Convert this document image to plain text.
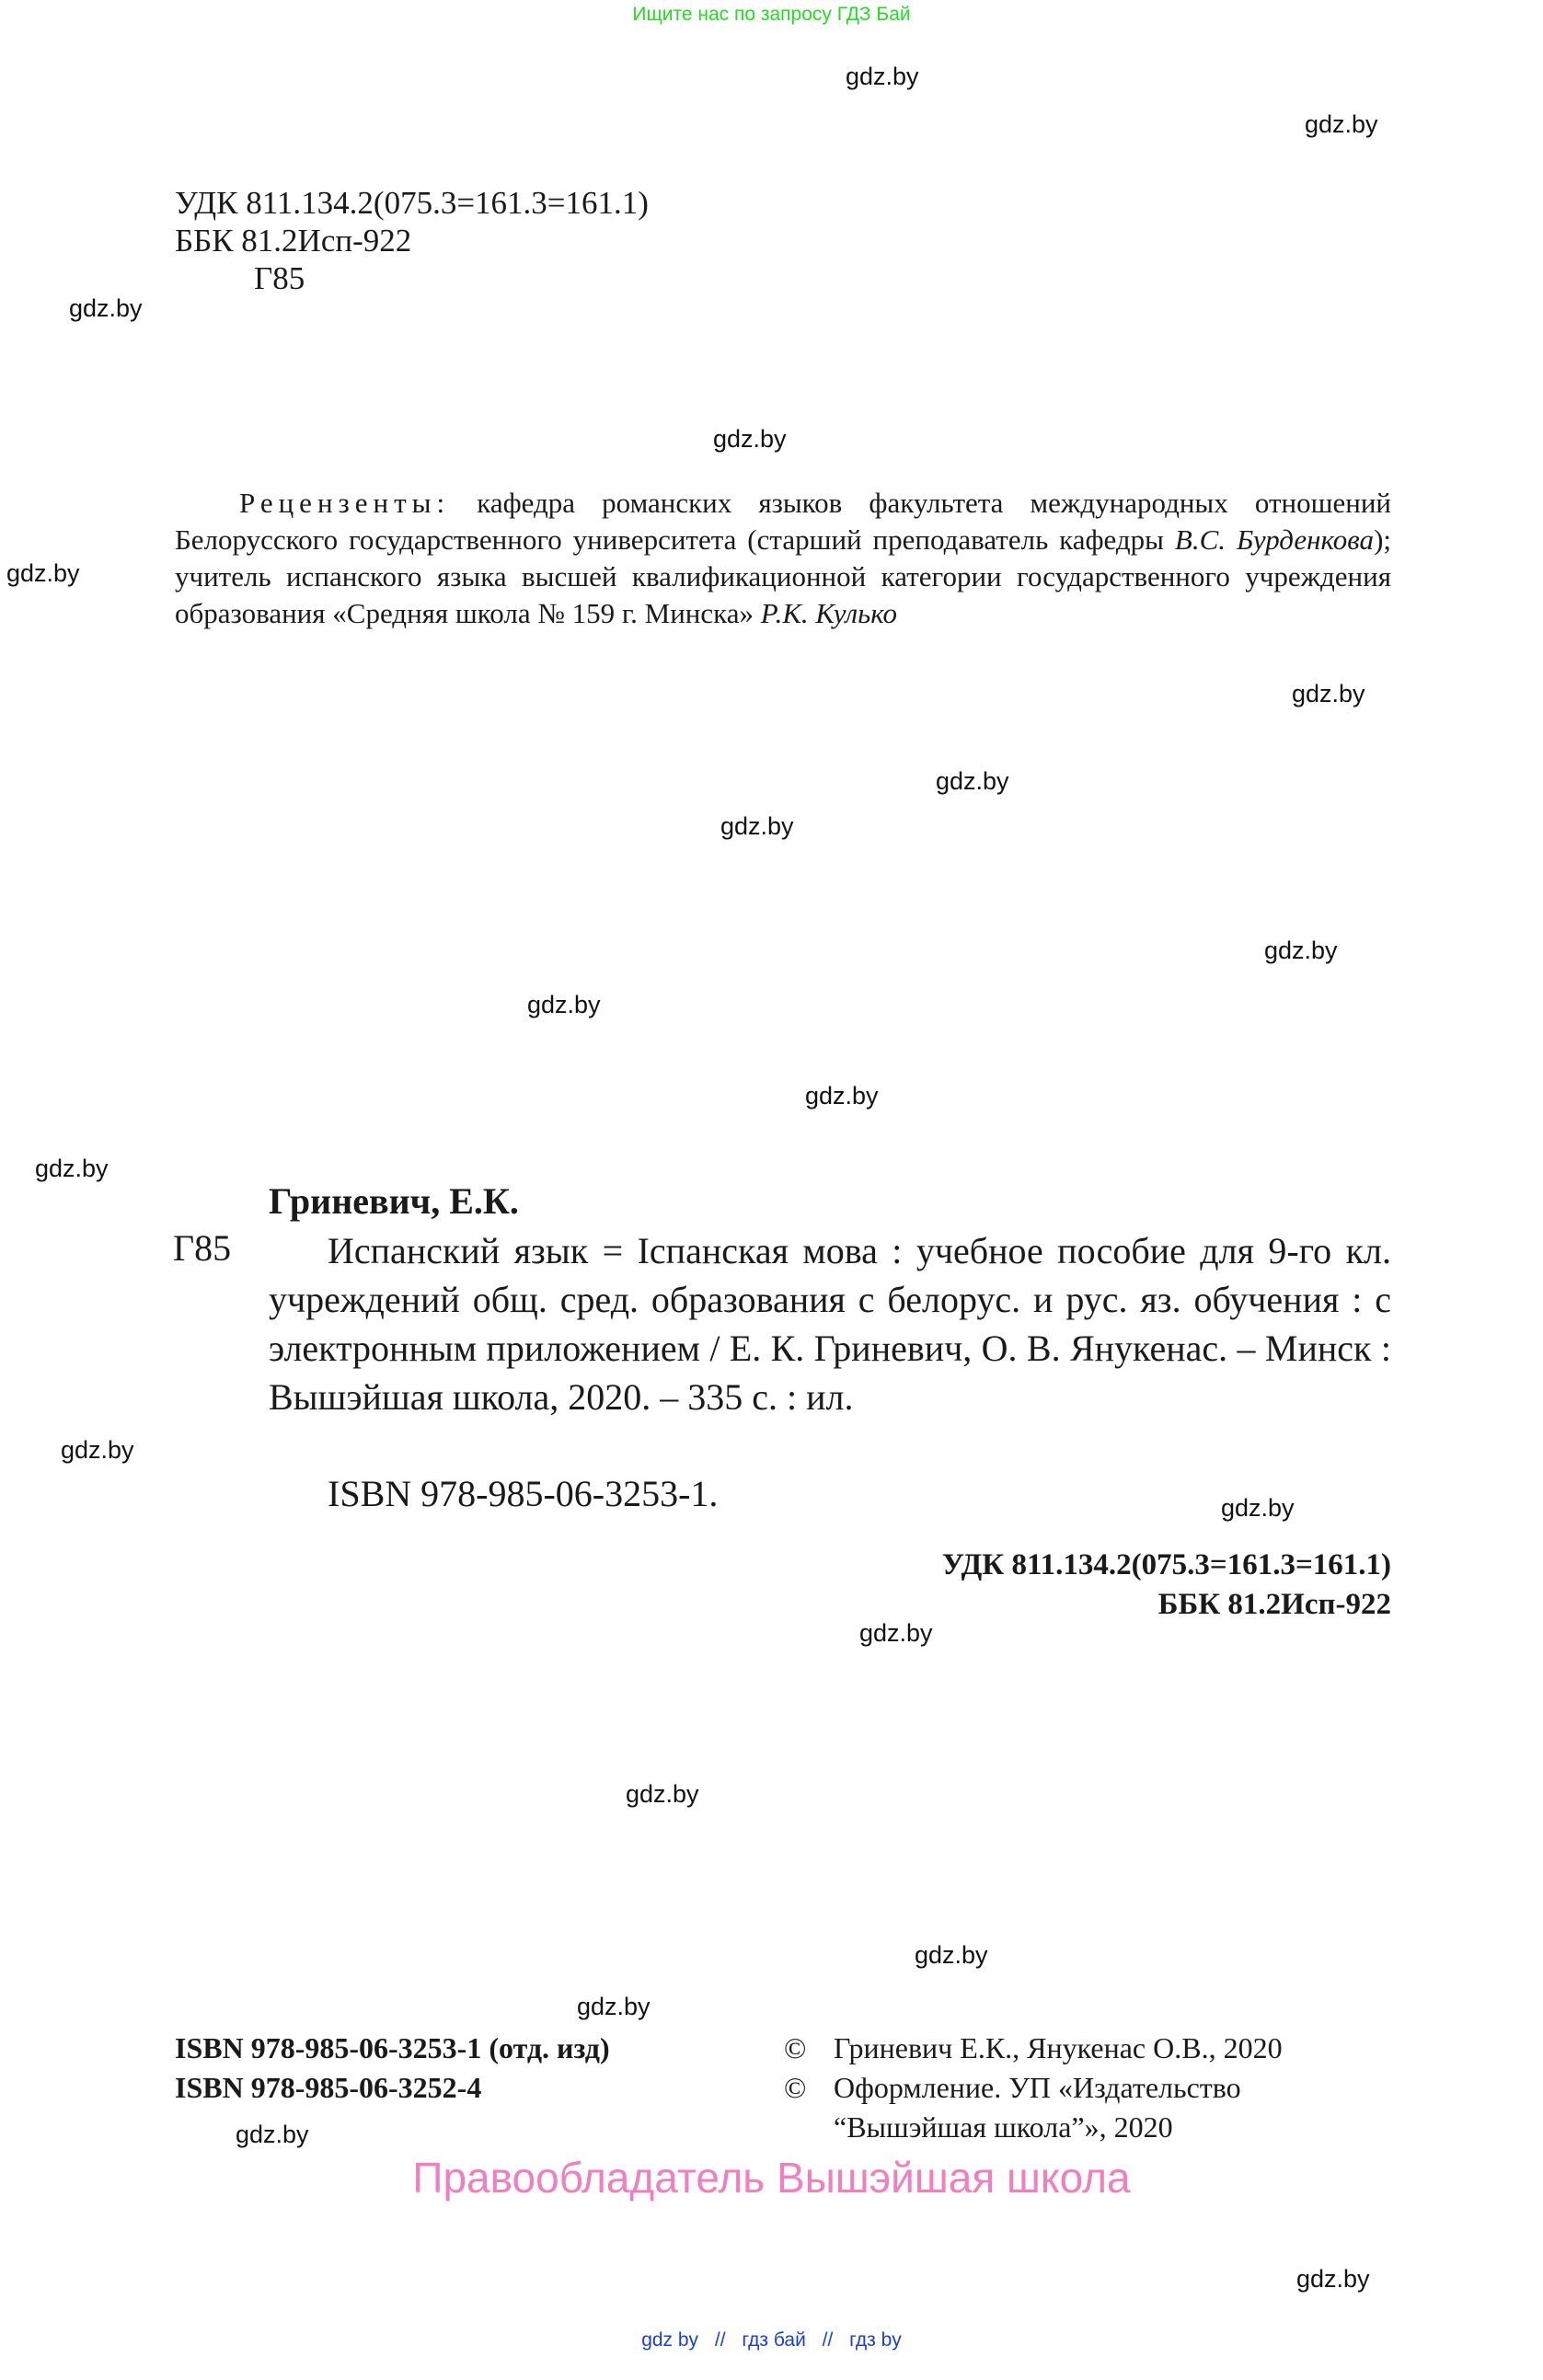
Ищите нас по запросу ГДЗ Бай
gdz.by
gdz.by
gdz.by
gdz.by
gdz.by
gdz.by
gdz.by
gdz.by
gdz.by
gdz.by
gdz.by
gdz.by
gdz.by
gdz.by
gdz.by
gdz.by
gdz.by
gdz.by
gdz.by
gdz.by
УДК 811.134.2(075.3=161.3=161.1)
ББК 81.2Исп-922
Г85

Рецензенты: кафедра романских языков факультета международных отношений Белорусского государственного университета (старший преподаватель кафедры В.С. Бурденкова); учитель испанского языка высшей квалификационной категории государственного учреждения образования «Средняя школа № 159 г. Минска» Р.К. Кулько

Гриневич, Е.К.
Г85	Испанский язык = Іспанская мова : учебное пособие для 9-го кл. учреждений общ. сред. образования с белорус. и рус. яз. обучения : с электронным приложением / Е. К. Гриневич, О. В. Янукенас. – Минск : Вышэйшая школа, 2020. – 335 с. : ил.

ISBN 978-985-06-3253-1.
УДК 811.134.2(075.3=161.3=161.1)
ББК 81.2Исп-922
ISBN 978-985-06-3253-1 (отд. изд)
ISBN 978-985-06-3252-4
© Гриневич Е.К., Янукенас О.В., 2020
© Оформление. УП «Издательство “Вышэйшая школа”», 2020
Правообладатель Вышэйшая школа
gdz by // гдз бай // гдз by
